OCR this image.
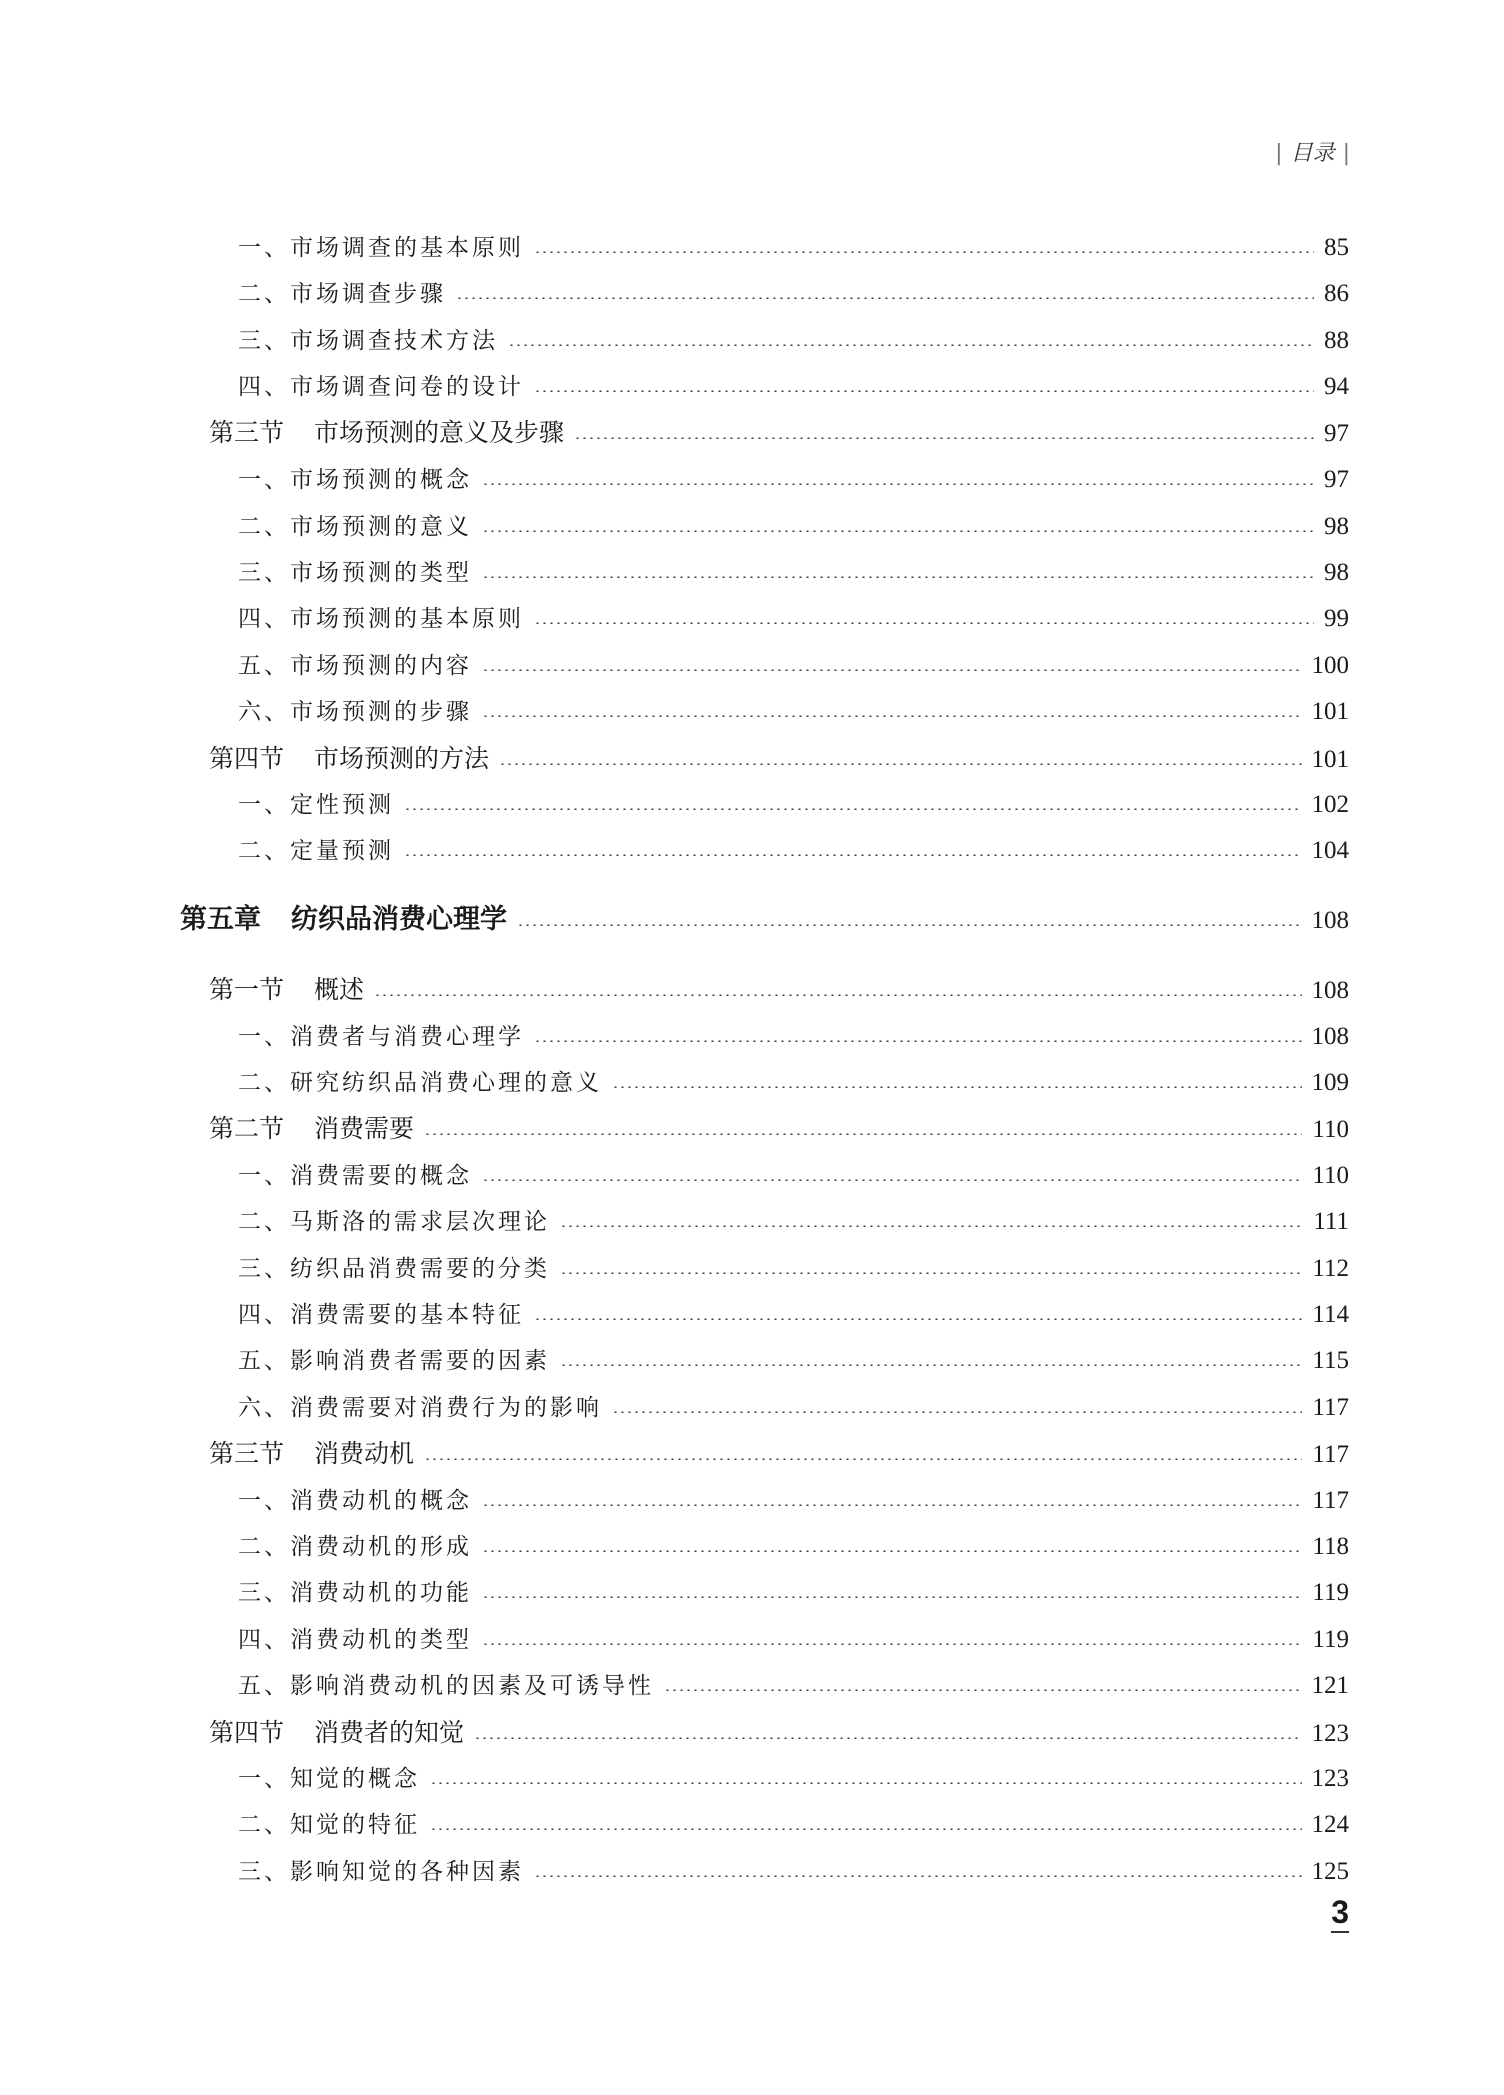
| 目录 |
一、市场调查的基本原则	85
二、市场调查步骤	86
三、市场调查技术方法	88
四、市场调查问卷的设计	94
第三节 市场预测的意义及步骤	97
一、市场预测的概念	97
二、市场预测的意义	98
三、市场预测的类型	98
四、市场预测的基本原则	99
五、市场预测的内容	100
六、市场预测的步骤	101
第四节 市场预测的方法	101
一、定性预测	102
二、定量预测	104
第五章 纺织品消费心理学	108
第一节 概述	108
一、消费者与消费心理学	108
二、研究纺织品消费心理的意义	109
第二节 消费需要	110
一、消费需要的概念	110
二、马斯洛的需求层次理论	111
三、纺织品消费需要的分类	112
四、消费需要的基本特征	114
五、影响消费者需要的因素	115
六、消费需要对消费行为的影响	117
第三节 消费动机	117
一、消费动机的概念	117
二、消费动机的形成	118
三、消费动机的功能	119
四、消费动机的类型	119
五、影响消费动机的因素及可诱导性	121
第四节 消费者的知觉	123
一、知觉的概念	123
二、知觉的特征	124
三、影响知觉的各种因素	125
3
